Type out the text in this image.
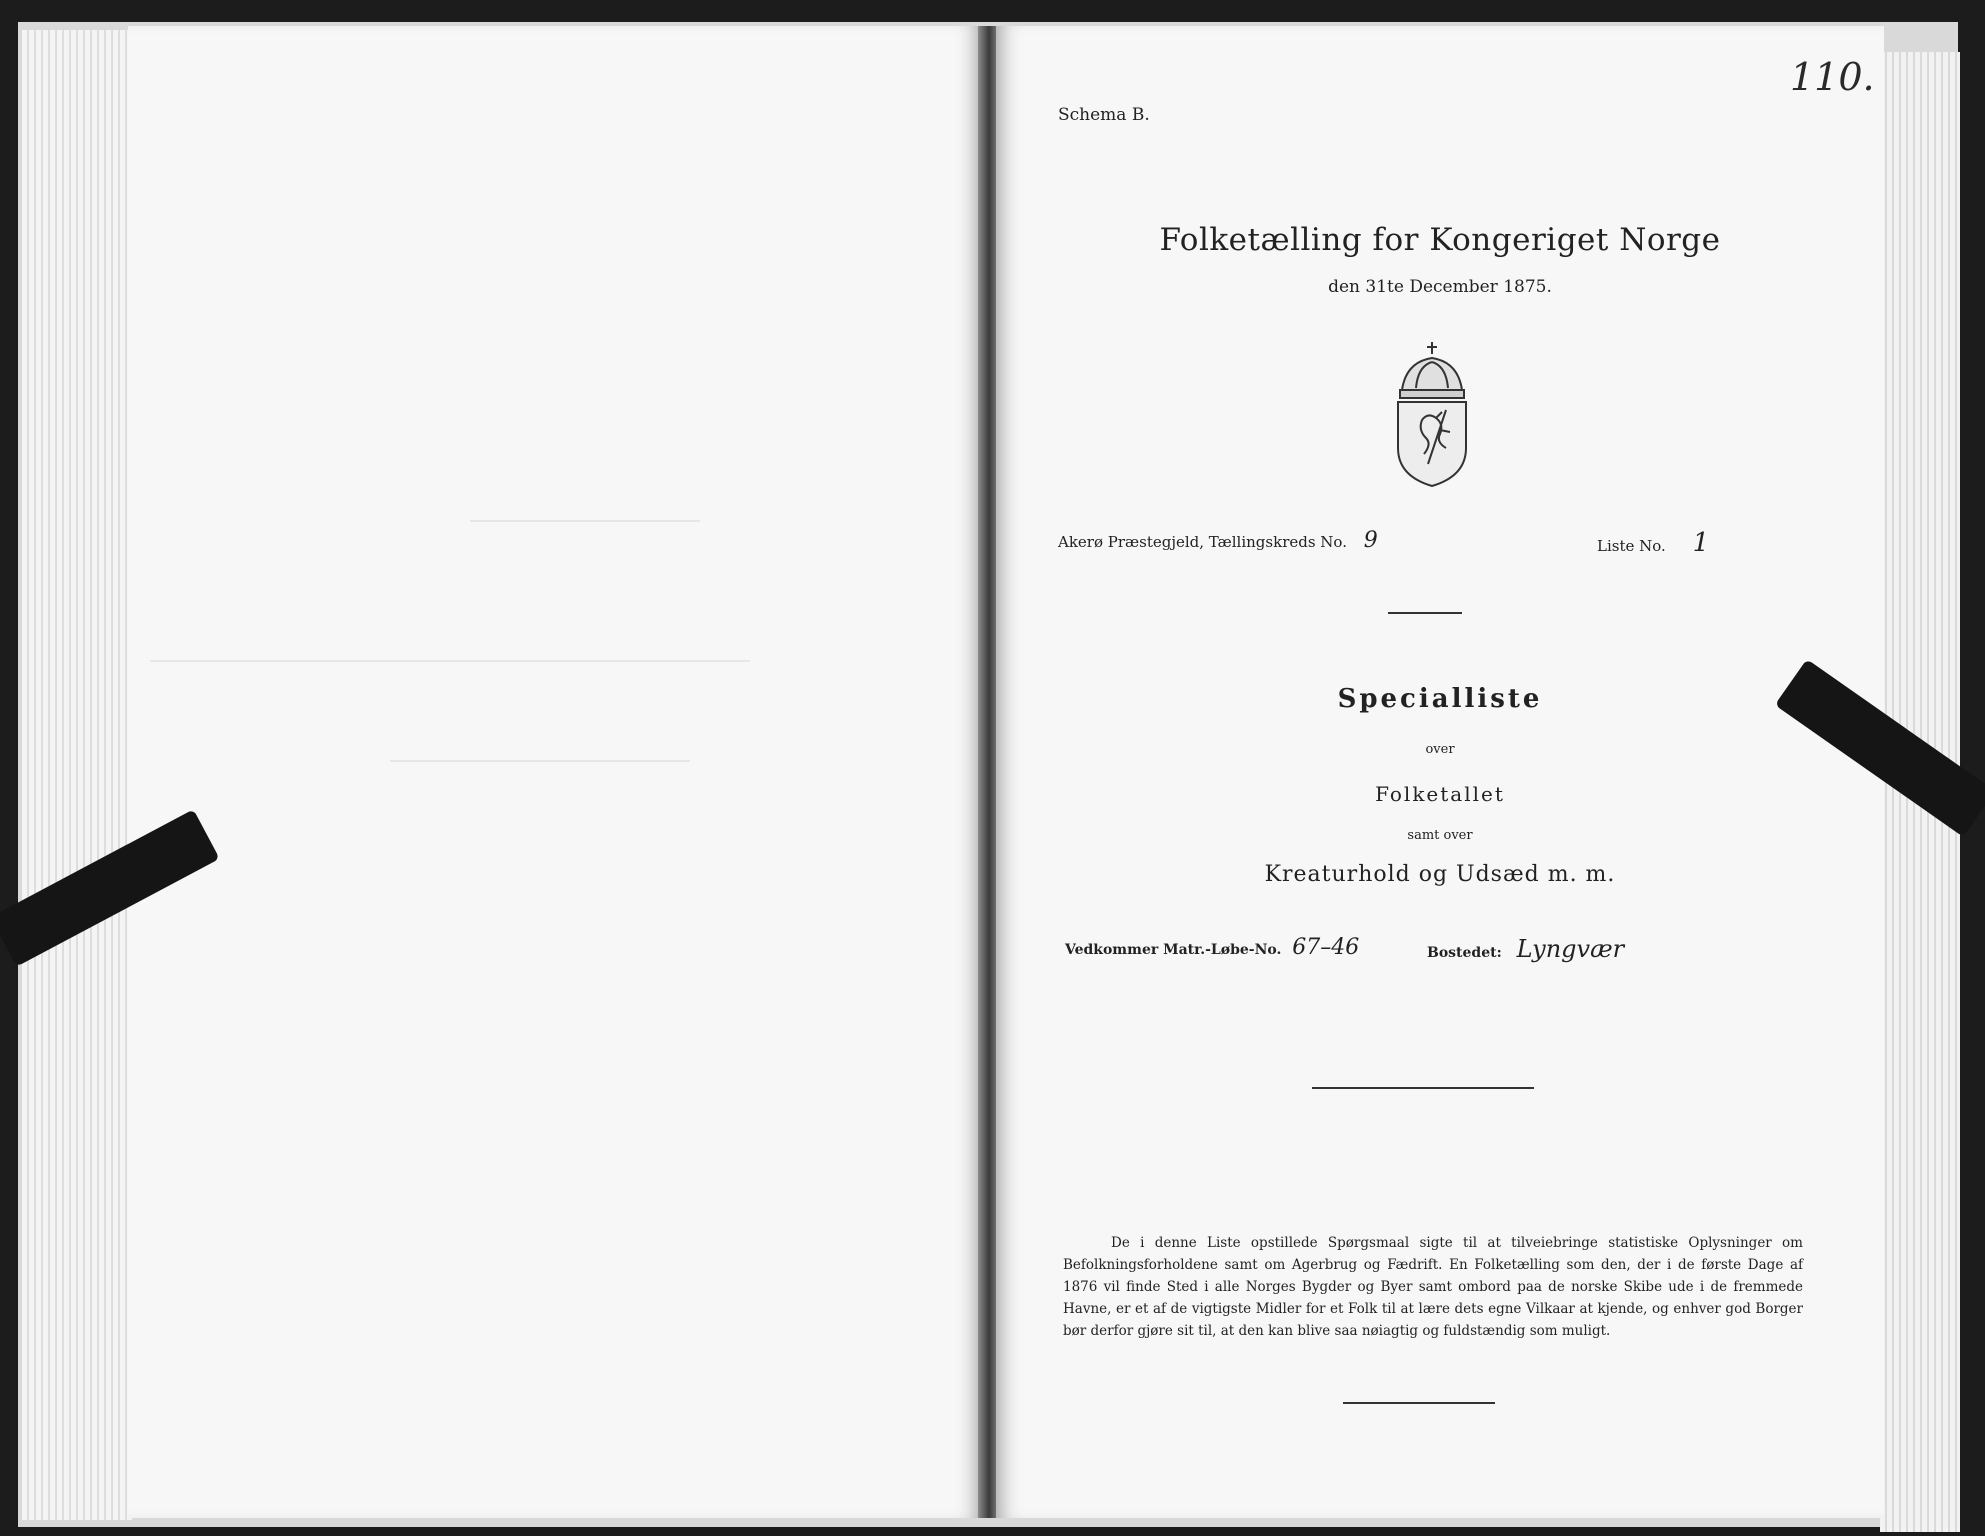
110.
Schema B.
Folketælling for Kongeriget Norge
den 31te December 1875.
Akerø Præstegjeld, Tællingskreds No. 9	Liste No. 1
Specialliste
over
Folketallet
samt over
Kreaturhold og Udsæd m. m.
Vedkommer Matr.-Løbe-No. 67–46	Bostedet: Lyngvær

De i denne Liste opstillede Spørgsmaal sigte til at tilveiebringe statistiske Oplysninger om Befolkningsforholdene samt om Agerbrug og Fædrift. En Folketælling som den, der i de første Dage af 1876 vil finde Sted i alle Norges Bygder og Byer samt ombord paa de norske Skibe ude i de fremmede Havne, er et af de vigtigste Midler for et Folk til at lære dets egne Vilkaar at kjende, og enhver god Borger bør derfor gjøre sit til, at den kan blive saa nøiagtig og fuldstændig som muligt.
